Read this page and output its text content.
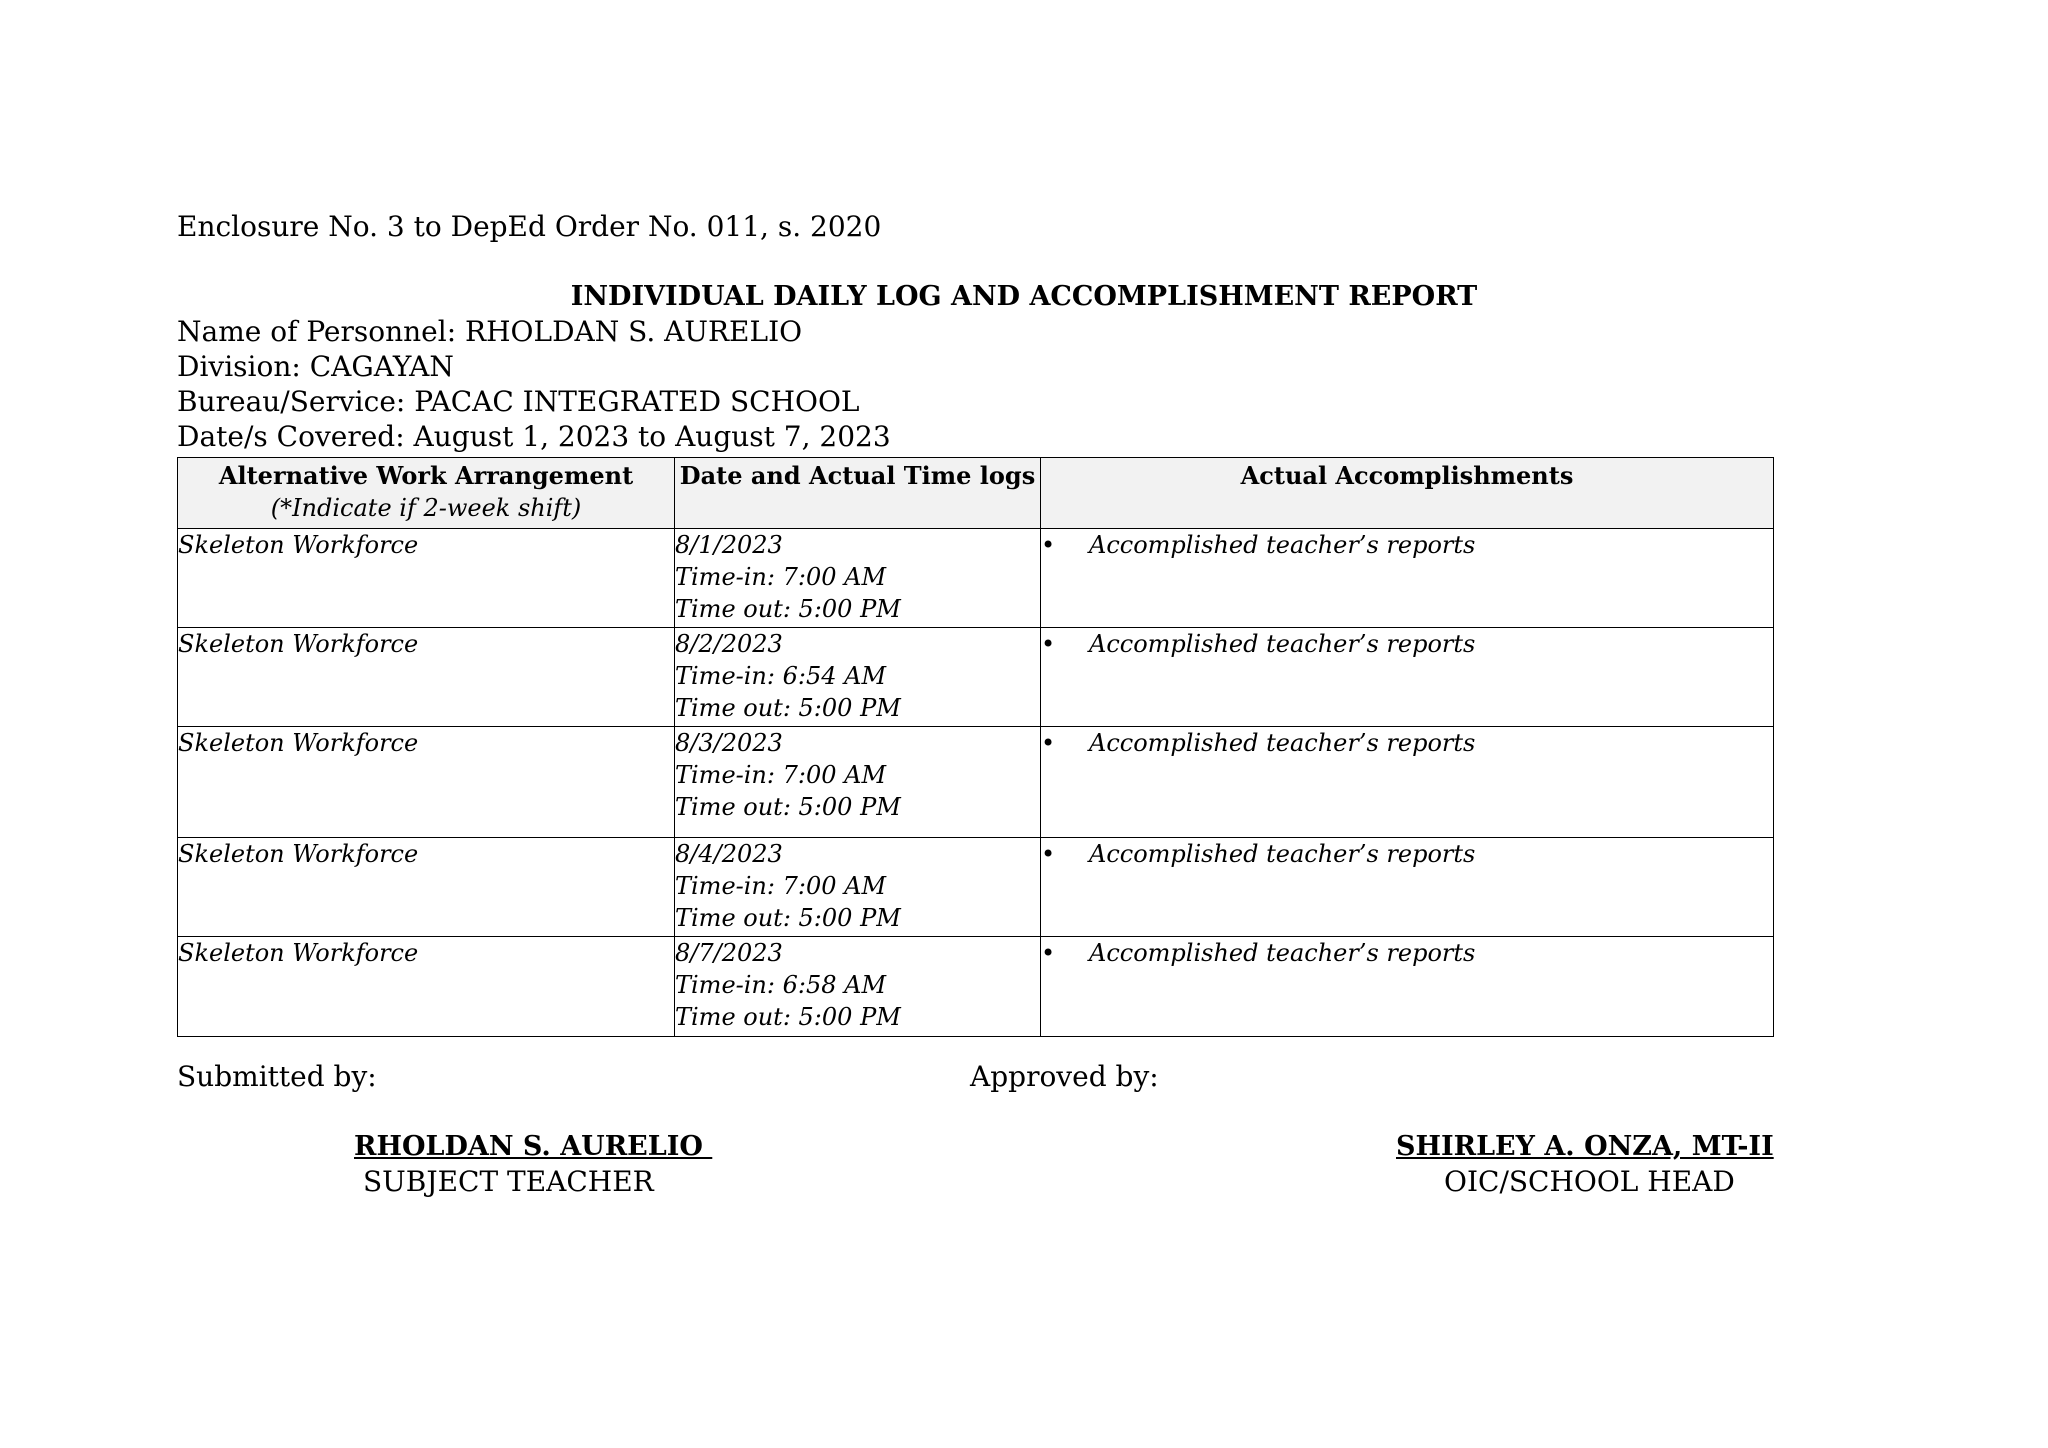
Enclosure No. 3 to DepEd Order No. 011, s. 2020
INDIVIDUAL DAILY LOG AND ACCOMPLISHMENT REPORT
Name of Personnel: RHOLDAN S. AURELIO
Division: CAGAYAN
Bureau/Service: PACAC INTEGRATED SCHOOL
Date/s Covered: August 1, 2023 to August 7, 2023
Alternative Work Arrangement
(*Indicate if 2-week shift)	Date and Actual Time logs	Actual Accomplishments
Skeleton Workforce	8/1/2023
Time-in: 7:00 AM
Time out: 5:00 PM	• Accomplished teacher’s reports

Skeleton Workforce	8/2/2023
Time-in: 6:54 AM
Time out: 5:00 PM	• Accomplished teacher’s reports

Skeleton Workforce	8/3/2023
Time-in: 7:00 AM
Time out: 5:00 PM	• Accomplished teacher’s reports

Skeleton Workforce	8/4/2023
Time-in: 7:00 AM
Time out: 5:00 PM	• Accomplished teacher’s reports

Skeleton Workforce	8/7/2023
Time-in: 6:58 AM
Time out: 5:00 PM	• Accomplished teacher’s reports
Submitted by:	Approved by:
RHOLDAN S. AURELIO
SUBJECT TEACHER
SHIRLEY A. ONZA, MT-II
OIC/SCHOOL HEAD
